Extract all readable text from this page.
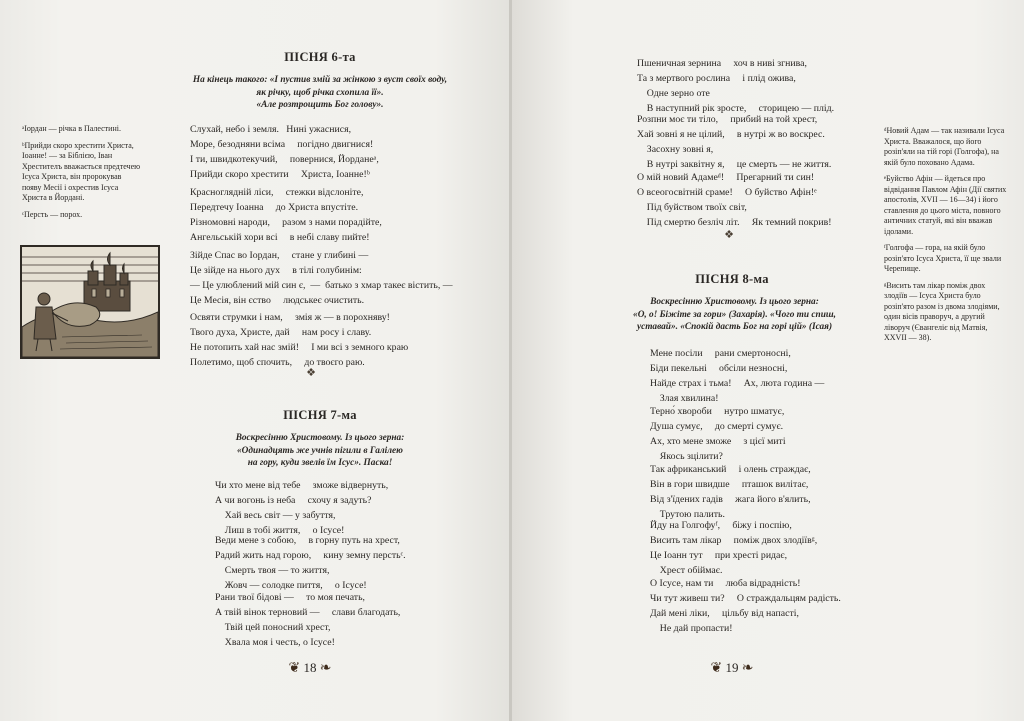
ПІСНЯ 6-та
На кінець такого: «І пустив змій за жінкою з вуст своїх воду,
як річку, щоб річка схопила її».
«Але розтрощить Бог голову».
Слухай, небо і земля.   Нині ужаснися,
Море, безодняни всіма     погідно двигнися!
І ти, швидкотекучий,     повернися, Йорданеᵃ,
Прийди скоро хрестити     Христа, Іоанне!ᵇ
Красноглядній ліси,     стежки відслоніте,
Передтечу Іоанна     до Христа впустіте.
Різномовні народи,     разом з нами порадійте,
Ангельській хори всі     в небі славу пийте!
Зійде Спас во Іордан,     стане у глибині —
Це зійде на нього дух     в тілі голубинім:
— Це улюблений мій син є,  —  батько з хмар такеє вістить, —
Це Месія, він єство     людськеє очистить.
Освяти струмки і нам,     змія ж — в порохняву!
Твого духа, Христе, дай     нам росу і славу.
Не потопить хай нас змій!     І ми всі з земного краю
Полетимо, щоб спочить,     до твоєго раю.
❖
ПІСНЯ 7-ма
Воскресінню Христовому. Із цього зерна:
«Одинадцять же учнів пігили в Галілею
на гору, куди звелів їм Ісус». Паска!
Чи хто мене від тебе     зможе відвернуть,
А чи вогонь із неба     схочу я задуть?
Хай весь світ — у забуття,
Лиш в тобі життя,     о Ісусе!
Веди мене з собою,     в горну путь на хрест,
Радий жить над горою,     кину земну перстьᶜ.
Смерть твоя — то життя,
Жовч — солодке пиття,     о Ісусе!
Рани твої бідові —     то моя печать,
А твій вінок терновий —     слави благодать,
Твій цей поносний хрест,
Хвала моя і честь, о Ісусе!

ᵃІордан — річка в Палестині.

ᵇПрийди скоро хрестити Христа, Іоанне! — за Біблією, Іван Хрестителъ вважається предтечею Ісуса Христа, він пророкував появу Месії і охрестив Ісуса Христа в Йордані.

ᶜПерсть — порох.

❦ 18 ❧
Пшеничная зернина     хоч в ниві згнива,
Та з мертвого рослина     і плід ожива,
Одне зерно оте
В наступний рік зросте,     сторицею — плід.
Розпни моє ти тіло,     прибий на той хрест,
Хай зовні я не цілий,     в нутрі ж во воскрес.
Засохну зовні я,
В нутрі заквітну я,     це смерть — не життя.
О мій новий Адамеᵈ!     Прегарний ти син!
О всеогосвітній сраме!     О буйство Афін!ᵉ
Під буйством твоїх світ,
Під смертю безліч літ.     Як темний покрив!
❖
ПІСНЯ 8-ма
Воскресінню Христовому. Із цього зерна:
«О, о! Біжіте за гори» (Захарія). «Чого ти спиш,
уставай». «Спокій дасть Бог на горі цій» (Ісая)
Мене посіли     рани смертоносні,
Біди пекельні     обсіли незносні,
Найде страх і тьма!     Ах, люта година —
Злая хвилина!
Терно́ хвороби     нутро шматує,
Душа сумує,     до смерті сумує.
Ах, хто мене зможе     з цієї миті
Якось зцілити?
Так африканський     і олень страждає,
Він в гори швидше     пташок вилітає,
Від з'їдених гадів     жага його в'ялить,
Трутою палить.
Йду на Голгофуᶠ,     біжу і поспію,
Висить там лікар     поміж двох злодіївᵍ,
Це Іоанн тут     при хресті ридає,
Хрест обіймає.
О Ісусе, нам ти     люба відрадність!
Чи тут живеш ти?     О страждальцям радість.
Дай мені ліки,     цільбу від напасті,
Не дай пропасти!

ᵈНовий Адам — так називали Ісуса Христа. Вважалося, що його розіп'яли на тій горі (Голгофа), на якій було поховано Адама.

ᵉБуйство Афін — йдеться про відвідання Павлом Афін (Дії святих апостолів, XVII — 16—34) і його ставлення до цього міста, повного античних статуй, які він вважав ідолами.

ᶠГолгофа — гора, на якій було розіп'ято Ісуса Христа, її ще звали Черепище.

ᵍВисить там лікар поміж двох злодіїв — Ісуса Христа було розіп'ято разом із двома злодіями, один вісів праворуч, а другий ліворуч (Євангеліє від Матвія, XXVII — 38).

❦ 19 ❧
